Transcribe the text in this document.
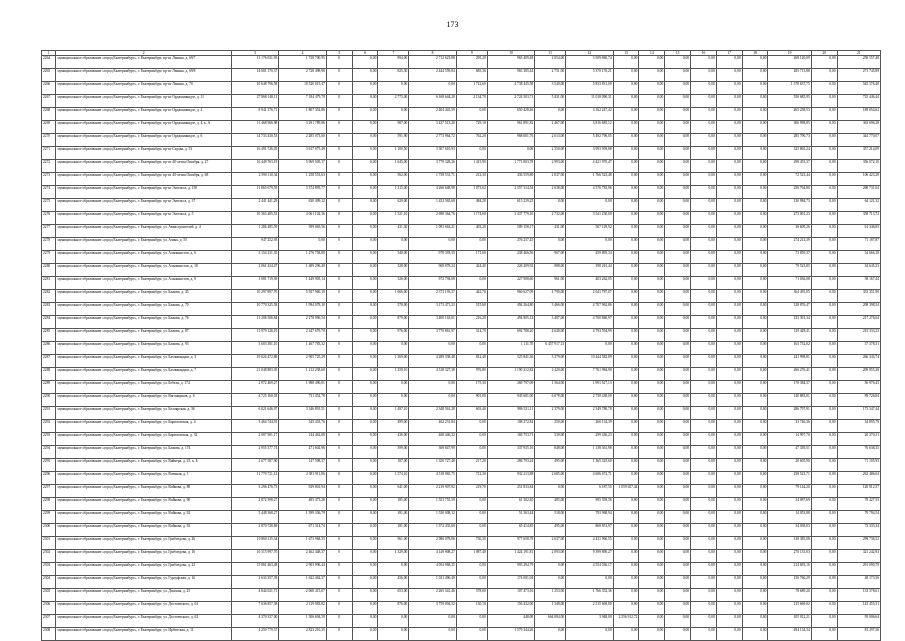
173
1	2	3	4	5	6	7	8	9	10	11	12	13	14	15	16	17	18	19	20	21
2264	муниципальное образование «город Екатеринбург», г. Екатеринбург, пр-кт Ленина, д. 69/7	11 176 631,93	1 728 700,95	0	0,00	894,00	2 712 623,88	295,20	965 409,48	2 054,00	3 509 860,74	0,00	0,00	0,00	0,00	0,00	0,00	268 120,09	0,00	258 557,48
2265	муниципальное образование «город Екатеринбург», г. Екатеринбург, пр-кт Ленина, д. 69/8	14 681 170,37	2 728 498,98	0	0,00	825,30	2 444 559,84	685,36	963 385,44	2 751,00	5 370 176,21	0,00	0,00	0,00	0,00	0,00	0,00	285 713,88	0,00	271 745,89
2266	муниципальное образование «город Екатеринбург», г. Екатеринбург, пр-кт Ленина, д. 70	10 648 796,58	10 520 015,47	0	0,00	0,00	0,00	1 722,60	4 738 445,58	3 540,00	5 833 831,00	0,00	0,00	0,00	0,00	0,00	0,00	1 578 637,75	0,00	545 376,40
2267	муниципальное образование «город Екатеринбург», г. Екатеринбург, пр-кт Орджоникидзе, д. 11	27 868 148,11	7 184 479,79	0	0,00	2 775,00	6 168 644,20	2 134,70	2 724 503,71	5 431,00	11 018 090,31	0,00	0,00	0,00	0,00	0,00	0,00	550 685,95	0,00	725 446,44
2268	муниципальное образование «город Екатеринбург», г. Екатеринбург, пр-кт Орджоникидзе, д. 2	8 941 376,71	1 807 352,86	0	0,00	0,00	2 404 443,59	0,00	650 428,46	0,00	4 162 247,42	0,00	0,00	0,00	0,00	0,00	0,00	265 258,53	0,00	189 854,62
2269	муниципальное образование «город Екатеринбург», г. Екатеринбург, пр-кт Орджоникидзе, д. 4, к. А	11 468 966,98	3 291 789,86	0	0,00	987,00	3 437 513,20	729,10	961 891,82	2 467,00	3 816 685,12	0,00	0,00	0,00	0,00	0,00	0,00	306 998,85	0,00	363 696,28
2270	муниципальное образование «город Екатеринбург», г. Екатеринбург, пр-кт Орджоникидзе, д. 6	14 733 430,53	2 285 073,60	0	0,00	591,90	2 773 964,72	762,20	968 601,76	2 613,00	5 492 796,05	0,00	0,00	0,00	0,00	0,00	0,00	285 790,73	0,00	344 770,07
2271	муниципальное образование «город Екатеринбург», г. Екатеринбург, пр-кт Седова, д. 53	16 491 726,05	3 617 075,49	0	0,00	1 100,50	3 307 610,93	0,00	0,00	2 550,00	3 993 959,88	0,00	0,00	0,00	0,00	0,00	0,00	325 865,24	0,00	357 214,09
2272	муниципальное образование «город Екатеринбург», г. Екатеринбург, пр-кт 40-летия Октября, д. 27	16 449 763,19	5 969 505,17	0	0,00	1 645,00	3 778 328,26	1 415,90	1 771 803,78	2 993,00	4 421 970,47	0,00	0,00	0,00	0,00	0,00	0,00	298 453,37	0,00	356 072,10
2273	муниципальное образование «город Екатеринбург», г. Екатеринбург, пр-кт 40-летия Октября, д. 68	2 590 110,34	1 258 553,63	0	0,00	562,00	1 758 531,71	212,30	436 559,80	2 037,00	1 766 523,48	0,00	0,00	0,00	0,00	0,00	0,00	72 523,44	0,00	106 423,28
2274	муниципальное образование «город Екатеринбург», г. Екатеринбург, пр-кт Энгельса, д. 150	11 865 679,59	3 374 895,77	0	0,00	1 315,00	4 266 648,98	1 073,62	2 357 314,54	2 638,00	4 576 783,96	0,00	0,00	0,00	0,00	0,00	0,00	256 764,80	0,00	268 731,04
2275	муниципальное образование «город Екатеринбург», г. Екатеринбург, пр-кт Энгельса, д. 37	2 441 441,29	630 499,12	0	0,00	629,00	1 452 565,68	484,20	615 239,25	0,00	0,00	0,00	0,00	0,00	0,00	0,00	0,00	130 984,73	0,00	64 121,32
2276	муниципальное образование «город Екатеринбург», г. Екатеринбург, пр-кт Энгельса, д. 5	10 363 485,53	4 061 102,36	0	0,00	1 521,10	2 698 364,76	1 174,60	3 437 779,10	2 732,00	3 541 230,00	0,00	0,00	0,00	0,00	0,00	0,00	273 001,23	0,00	358 713,72
2277	муниципальное образование «город Екатеринбург», г. Екатеринбург, ул. Авиастроителей, д. 4	1 286 485,59	599 065,56	0	0,00	431,30	1 093 663,21	403,20	509 158,17	431,00	567 129,92	0,00	0,00	0,00	0,00	0,00	0,00	36 609,26	0,00	61 346,85
2278	муниципальное образование «город Екатеринбург», г. Екатеринбург, ул. Азина, д. 55	947 252,93	0,00	0	0,00	0,00	0,00	0,00	276 237,45	0,00	0,00	0,00	0,00	0,00	0,00	0,00	0,00	274 212,39	0,00	71 187,87
2279	муниципальное образование «город Екатеринбург», г. Екатеринбург, ул. Альпинистов, д. 6	3 154 231,35	1 276 758,80	0	0,00	540,00	978 393,35	171,60	238 466,56	967,00	459 895,34	0,00	0,00	0,00	0,00	0,00	0,00	73 859,37	0,00	54 666,18
2280	муниципальное образование «город Екатеринбург», г. Екатеринбург, ул. Альпинистов, д. 18	2 061 434,47	1 489 296,40	0	0,00	328,00	969 878,24	424,40	226 209,92	988,00	398 261,44	0,00	0,00	0,00	0,00	0,00	0,00	79 523,85	0,00	34 645,23
2281	муниципальное образование «город Екатеринбург», г. Екатеринбург, ул. Альпинистов, д. 9	3 081 719,39	1 449 905,14	0	0,00	326,00	972 794,08	0,00	227 908,60	961,00	403 262,05	0,00	0,00	0,00	0,00	0,00	0,00	71 036,08	0,00	58 167,44
2282	муниципальное образование «город Екатеринбург», г. Екатеринбург, ул. Бажова, д. 45	10 297 897,76	5 937 960,10	0	0,00	1 666,00	2 373 193,37	442,70	960 627,09	4 790,00	2 641 787,07	0,00	0,00	0,00	0,00	0,00	0,00	364 493,05	0,00	333 351,96
2283	муниципальное образование «город Екатеринбург», г. Екатеринбург, ул. Бажова, д. 70	10 770 325,58	1 994 078,10	0	0,00	578,00	3 173 471,23	515,60	494 264,80	3 466,00	4 707 962,86	0,00	0,00	0,00	0,00	0,00	0,00	128 876,47	0,00	208 398,54
2284	муниципальное образование «город Екатеринбург», г. Екатеринбург, ул. Бажова, д. 76	11 206 506,84	2 278 996,54	0	0,00	879,00	3 400 163,01	216,20	494 905,12	3 487,00	4 700 860,97	0,00	0,00	0,00	0,00	0,00	0,00	233 391,34	0,00	217 276,64
2285	муниципальное образование «город Екатеринбург», г. Екатеринбург, ул. Бажова, д. 87	11 979 126,19	2 347 679,70	0	0,00	976,00	3 770 861,97	314,70	692 788,20	4 640,00	4 793 594,99	0,00	0,00	0,00	0,00	0,00	0,00	129 428,41	0,00	215 333,23
2286	муниципальное образование «город Екатеринбург», г. Екатеринбург, ул. Бажова, д. 93	3 603 381,10	1 467 783,32	0	0,00	0,00	0,00	0,00	1 111,70	6 457 917,13	0,00	0,00	0,00	0,00	0,00	0,00	0,00	163 752,02	0,00	37 378,31
2287	муниципальное образование «город Екатеринбург», г. Екатеринбург, ул. Бахчиванджи, д. 3	19 024 472,86	2 905 725,29	0	0,00	1 369,00	4 289 338,48	812,40	525 841,36	3 379,00	10 444 582,89	0,00	0,00	0,00	0,00	0,00	0,00	241 998,81	0,00	266 343,74
2288	муниципальное образование «город Екатеринбург», г. Екатеринбург, ул. Бахчиванджи, д. 7	21 048 883,05	1 212 238,60	0	0,00	1 359,10	4 318 327,38	976,80	1 190 312,82	2 420,00	7 761 984,90	0,00	0,00	0,00	0,00	0,00	0,00	266 276,41	0,00	209 855,28
2289	муниципальное образование «город Екатеринбург», г. Екатеринбург, ул. Бебеля, д. 174	2 972 469,27	1 988 490,01	0	0,00	0,00	0,00	175,30	269 797,09	1 564,00	1 991 617,13	0,00	0,00	0,00	0,00	0,00	0,00	170 384,37	0,00	56 976,45
2290	муниципальное образование «город Екатеринбург», г. Екатеринбург, ул. Вагонщиков, д. 6	4 725 160,03	731 452,78	0	0,00	0,00	0,00	901,00	945 681,00	6 078,00	2 758 438,00	0,00	0,00	0,00	0,00	0,00	0,00	140 883,01	0,00	89 726,84
2291	муниципальное образование «город Екатеринбург», г. Екатеринбург, ул. Белоярская, д. 36	6 021 646,97	3 346 891,51	0	0,00	1 497,10	2 348 561,28	603,40	986 521,11	2 379,00	2 349 780,78	0,00	0,00	0,00	0,00	0,00	0,00	286 797,91	0,00	173 347,44
2292	муниципальное образование «город Екатеринбург», г. Екатеринбург, ул. Бирюзовская, д. 4	3 464 744,91	545 433,76	0	0,00	499,00	462 231,84	0,00	108 272,84	250,00	266 134,39	0,00	0,00	0,00	0,00	0,00	0,00	33 746,36	0,00	34 895,79
2293	муниципальное образование «город Екатеринбург», г. Екатеринбург, ул. Бирюзовская, д. 32	2 087 901,17	144 462,08	0	0,00	436,00	460 446,32	0,00	169 753,73	530,00	299 436,23	0,00	0,00	0,00	0,00	0,00	0,00	14 997,70	0,00	20 370,31
2294	муниципальное образование «город Екатеринбург», г. Екатеринбург, ул. Бажова, д. 174	2 955 377,74	471 602,96	0	0,00	399,00	369 847,99	0,00	337 935,16	848,00	1 138 361,98	0,00	0,00	0,00	0,00	0,00	0,00	47 339,51	0,00	76 638,35
2295	муниципальное образование «город Екатеринбург», г. Екатеринбург, ул. Вайнера, д. 25, к. Б	2 677 587,90	147 598,37	0	0,00	187,00	1 350 727,48	217,20	286 793,24	495,00	1 365 325,60	0,00	0,00	0,00	0,00	0,00	0,00	20 605,90	0,00	71 105,95
2296	муниципальное образование «город Екатеринбург», г. Екатеринбург, ул. Военная, д. 1	11 770 721,12	2 381 911,06	0	0,00	1 574,10	4 518 065,75	712,30	932 213,88	2 685,00	4 606 672,71	0,00	0,00	0,00	0,00	0,00	0,00	258 523,71	0,00	262 486,04
2297	муниципальное образование «город Екатеринбург», г. Екатеринбург, ул. Войкова, д. 88	3 296 476,73	929 801,94	0	0,00	641,00	2 219 907,92	219,70	251 833,84	0,00	6 187,55	1 059 657,44	0,00	0,00	0,00	0,00	0,00	79 144,20	0,00	120 912,57
2298	муниципальное образование «город Екатеринбург», г. Екатеринбург, ул. Войкова, д. 90	2 872 598,27	485 473,28	0	0,00	185,00	1 553 753,59	0,00	61 302,40	485,00	995 359,56	0,00	0,00	0,00	0,00	0,00	0,00	34 087,69	0,00	78 427,55
2299	муниципальное образование «город Екатеринбург», г. Екатеринбург, ул. Войкова, д. 92	5 448 368,27	1 399 336,79	0	0,00	181,00	1 530 008,12	0,00	51 363,44	518,00	793 968,94	0,00	0,00	0,00	0,00	0,00	0,00	14 053,88	0,00	79 794,54
2300	муниципальное образование «город Екатеринбург», г. Екатеринбург, ул. Войкова, д. 92	2 870 728,69	671 314,74	0	0,00	181,00	1 572 435,69	0,00	65 414,85	495,00	868 851,97	0,00	0,00	0,00	0,00	0,00	0,00	34 038,03	0,00	73 335,34
2301	муниципальное образование «город Екатеринбург», г. Екатеринбург, ул. Грибоедова, д. 26	10 860 115,34	1 673 968,35	0	0,00	961,00	2 980 078,86	730,30	977 658,78	2 637,00	4 431 960,55	0,00	0,00	0,00	0,00	0,00	0,00	318 385,08	0,00	299 736,52
2302	муниципальное образование «город Екатеринбург», г. Екатеринбург, ул. Грибоедова, д. 16	16 315 997,70	2 462 448,37	0	0,00	1 329,00	4 149 908,27	1 087,40	1 424 191,81	2 093,00	9 399 890,27	0,00	0,00	0,00	0,00	0,00	0,00	270 135,03	0,00	321 242,93
2303	муниципальное образование «город Екатеринбург», г. Екатеринбург, ул. Грибоедова, д. 22	15 861 463,48	2 903 996,44	0	0,00	0,00	4 054 968,25	0,00	993 294,79	0,00	4 554 036,17	0,00	0,00	0,00	0,00	0,00	0,00	214 693,16	0,00	291 090,79
2304	муниципальное образование «город Екатеринбург», г. Екатеринбург, ул. Гурзуфская, д. 16	2 633 357,39	1 622 462,37	0	0,00	456,00	1 021 496,49	0,00	174 001,04	0,00	0,00	0,00	0,00	0,00	0,00	0,00	0,00	156 766,29	0,00	48 173,56
2305	муниципальное образование «город Екатеринбург», г. Екатеринбург, ул. Донская, д. 25	4 844 021,71	2 068 415,07	0	0,00	653,00	2 265 341,46	578,00	107 473,16	1 253,00	1 766 352,36	0,00	0,00	0,00	0,00	0,00	0,00	78 689,20	0,00	133 378,61
2306	муниципальное образование «город Екатеринбург», г. Екатеринбург, ул. Достоевского, д. 63	7 636 857,38	2 119 983,82	0	0,00	876,00	3 759 004,52	130,10	156 432,00	1 348,00	2 315 669,80	0,00	0,00	0,00	0,00	0,00	0,00	215 669,02	0,00	143 455,31
2307	муниципальное образование «город Екатеринбург», г. Екатеринбург, ул. Достоевского, д. 62	4 370 337,00	1 306 694,59	0	0,00	0,00	0,00	0,00	448,00	664 084,00	3 948,00	2 356 912,72	0,00	0,00	0,00	0,00	0,00	105 012,21	0,00	95 006,64
2308	муниципальное образование «город Екатеринбург», г. Екатеринбург, ул. Ирбитская, д. 11	4 250 779,37	2 823 210,35	0	0,00	0,00	0,00	0,00	1 579 344,26	0,00	0,00	0,00	0,00	0,00	0,00	0,00	0,00	494 134,34	0,00	81 297,56
